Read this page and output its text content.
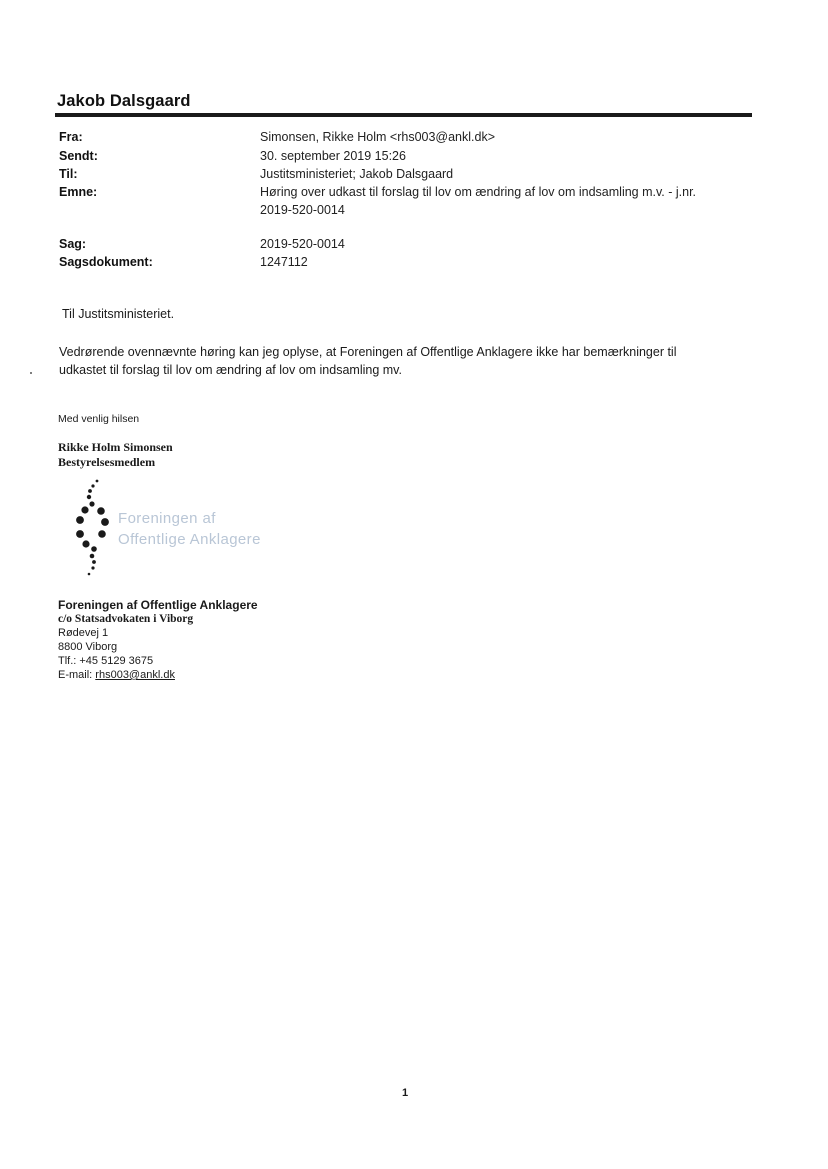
Jakob Dalsgaard
Fra:	Simonsen, Rikke Holm <rhs003@ankl.dk>
Sendt:	30. september 2019 15:26
Til:	Justitsministeriet; Jakob Dalsgaard
Emne:	Høring over udkast til forslag til lov om ændring af lov om indsamling m.v. - j.nr.
2019-520-0014
Sag:	2019-520-0014
Sagsdokument:	1247112
Til Justitsministeriet.
Vedrørende ovennævnte høring kan jeg oplyse, at Foreningen af Offentlige Anklagere ikke har bemærkninger til
udkastet til forslag til lov om ændring af lov om indsamling mv.
Med venlig hilsen
Rikke Holm Simonsen
Bestyrelsesmedlem
Foreningen af
Offentlige Anklagere
Foreningen af Offentlige Anklagere
c/o Statsadvokaten i Viborg
Rødevej 1
8800 Viborg
Tlf.: +45 5129 3675
E-mail: rhs003@ankl.dk
1
